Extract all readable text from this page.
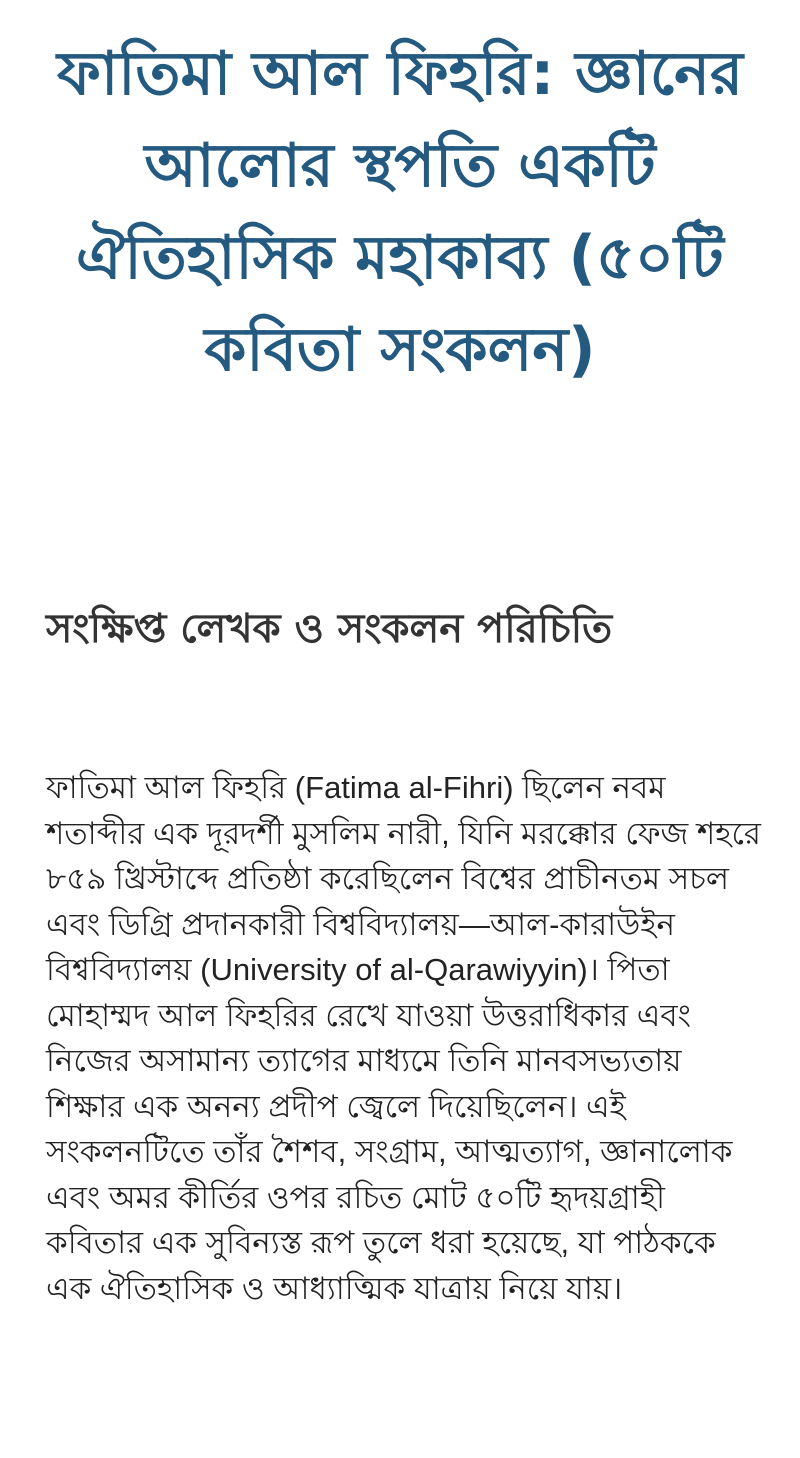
ফাতিমা আল ফিহরি: জ্ঞানের আলোর স্থপতি একটি ঐতিহাসিক মহাকাব্য (৫০টি কবিতা সংকলন)
সংক্ষিপ্ত লেখক ও সংকলন পরিচিতি

ফাতিমা আল ফিহরি (Fatima al-Fihri) ছিলেন নবম শতাব্দীর এক দূরদর্শী মুসলিম নারী, যিনি মরক্কোর ফেজ শহরে ৮৫৯ খ্রিস্টাব্দে প্রতিষ্ঠা করেছিলেন বিশ্বের প্রাচীনতম সচল এবং ডিগ্রি প্রদানকারী বিশ্ববিদ্যালয়—আল-কারাউইন বিশ্ববিদ্যালয় (University of al-Qarawiyyin)। পিতা মোহাম্মদ আল ফিহরির রেখে যাওয়া উত্তরাধিকার এবং নিজের অসামান্য ত্যাগের মাধ্যমে তিনি মানবসভ্যতায় শিক্ষার এক অনন্য প্রদীপ জ্বেলে দিয়েছিলেন। এই সংকলনটিতে তাঁর শৈশব, সংগ্রাম, আত্মত্যাগ, জ্ঞানালোক এবং অমর কীর্তির ওপর রচিত মোট ৫০টি হৃদয়গ্রাহী কবিতার এক সুবিন্যস্ত রূপ তুলে ধরা হয়েছে, যা পাঠককে এক ঐতিহাসিক ও আধ্যাত্মিক যাত্রায় নিয়ে যায়।
